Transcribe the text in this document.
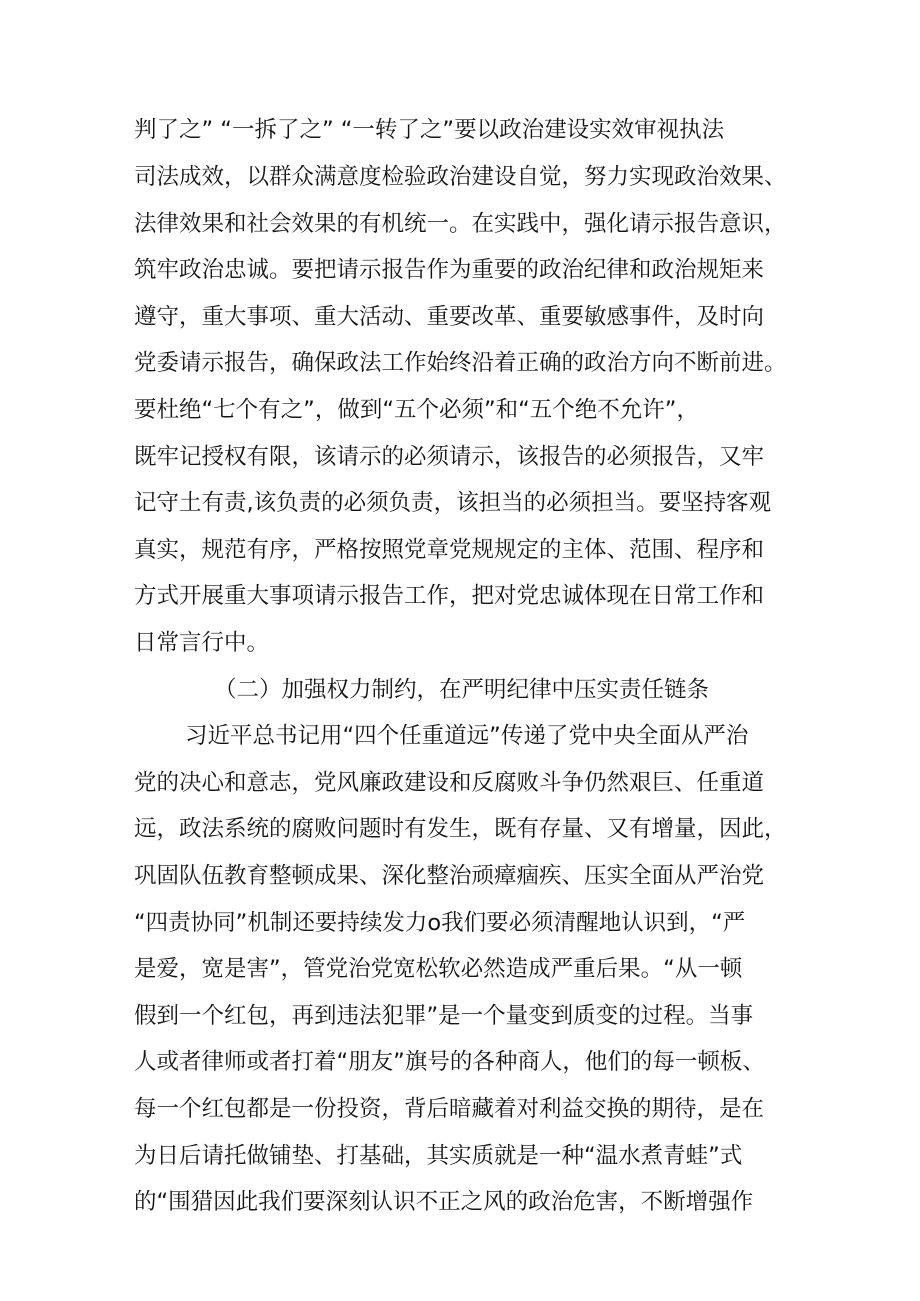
判了之” “一拆了之” “一转了之”要以政治建设实效审视执法
司法成效，以群众满意度检验政治建设自觉，努力实现政治效果、
法律效果和社会效果的有机统一。在实践中，强化请示报告意识，
筑牢政治忠诚。要把请示报告作为重要的政治纪律和政治规矩来
遵守，重大事项、重大活动、重要改革、重要敏感事件，及时向
党委请示报告，确保政法工作始终沿着正确的政治方向不断前进。
要杜绝“七个有之”，做到“五个必须”和“五个绝不允许”，
既牢记授权有限，该请示的必须请示，该报告的必须报告，又牢
记守土有责,该负责的必须负责，该担当的必须担当。要坚持客观
真实，规范有序，严格按照党章党规规定的主体、范围、程序和
方式开展重大事项请示报告工作，把对党忠诚体现在日常工作和
日常言行中。
（二）加强权力制约，在严明纪律中压实责任链条
习近平总书记用“四个任重道远”传递了党中央全面从严治
党的决心和意志，党风廉政建设和反腐败斗争仍然艰巨、任重道
远，政法系统的腐败问题时有发生，既有存量、又有增量，因此，
巩固队伍教育整顿成果、深化整治顽瘴痼疾、压实全面从严治党
“四责协同”机制还要持续发力o我们要必须清醒地认识到，“严
是爱，宽是害”，管党治党宽松软必然造成严重后果。“从一顿
假到一个红包，再到违法犯罪”是一个量变到质变的过程。当事
人或者律师或者打着“朋友”旗号的各种商人，他们的每一顿板、
每一个红包都是一份投资，背后暗藏着对利益交换的期待，是在
为日后请托做铺垫、打基础，其实质就是一种“温水煮青蛙”式
的“围猎因此我们要深刻认识不正之风的政治危害，不断增强作
